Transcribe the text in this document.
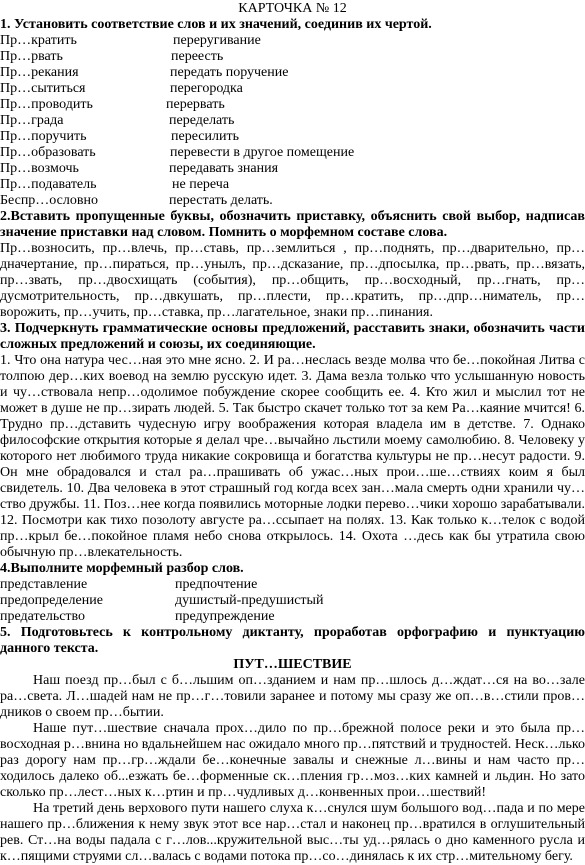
КАРТОЧКА № 12
1. Установить соответствие слов и их значений, соединив их чертой.
Пр…кратить	переругивание
Пр…рвать	переесть
Пр…рекания	передать поручение
Пр…сытиться	перегородка
Пр…проводить	перервать
Пр…града	переделать
Пр…поручить	пересилить
Пр…образовать	перевести в другое помещение
Пр…возмочь	передавать знания
Пр…подаватель	не переча
Беспр…ословно	перестать делать.

2.Вставить пропущенные буквы, обозначить приставку, объяснить свой выбор, надписав значение приставки над словом. Помнить о морфемном составе слова.

Пр…возносить, пр…влечь, пр…ставь, пр…землиться , пр…поднять, пр…дварительно, пр…дначертание, пр…пираться, пр…унылъ, пр…дсказание, пр…дпосылка, пр…рвать, пр…вязать, пр…звать, пр…двосхищать (события), пр…общить, пр…восходный, пр…гнать, пр…дусмотрительность, пр…двкушать, пр…плести, пр…кратить, пр…дпр…ниматель, пр…ворожить, пр…учить, пр…ставка, пр…лагательное, знаки пр…пинания.

3. Подчеркнуть грамматические основы предложений, расставить знаки, обозначить части сложных предложений и союзы, их соединяющие.

1. Что она натура чес…ная это мне ясно. 2. И ра…неслась везде молва что бе…покойная Литва с толпою дер…ких воевод на землю русскую идет. 3. Дама везла только что услышанную новость и чу…ствовала непр…одолимое побуждение скорее сообщить ее. 4. Кто жил и мыслил тот не может в душе не пр…зирать людей. 5. Так быстро скачет только тот за кем Ра…каяние мчится! 6. Трудно пр…дставить чудесную игру воображения которая владела им в детстве. 7. Однако философские открытия которые я делал чре…вычайно льстили моему самолюбию. 8. Человеку у которого нет любимого труда никакие сокровища и богатства культуры не пр…несут радости. 9. Он мне обрадовался и стал ра…прашивать об ужас…ных прои…ше…ствиях коим я был свидетель. 10. Два человека в этот страшный год когда всех зан…мала смерть одни хранили чу…ство дружбы. 11. Поз…нее когда появились моторные лодки перево…чики хорошо зарабатывали. 12. Посмотри как тихо позолоту августе ра…ссыпает на полях. 13. Как только к…телок с водой пр…крыл бе…покойное пламя небо снова открылось. 14. Охота …десь как бы утратила свою обычную пр…влекательность.

4.Выполните морфемный разбор слов.
представление	предпочтение
предопределение	душистый-предушистый
предательство	предупреждение

5. Подготовьтесь к контрольному диктанту, проработав орфографию и пунктуацию данного текста.

ПУТ…ШЕСТВИЕ

Наш поезд пр…был с б…льшим оп…зданием и нам пр…шлось д…ждат…ся на во…зале ра…света. Л…шадей нам не пр…г…товили заранее и потому мы сразу же оп…в…стили пров…дников о своем пр…бытии.

Наше пут…шествие сначала прох…дило по пр…брежной полосе реки и это была пр…восходная р…внина но вдальнейшем нас ожидало много пр…пятствий и трудностей. Неск…лько раз дорогу нам пр…гр…ждали бе…конечные завалы и снежные л…вины и нам часто пр…ходилось далеко об...езжать бе…форменные ск…пления гр…моз…ких камней и льдин. Но зато сколько пр…лест…ных к…ртин и пр…чудливых д…конвенных прои…шествий!

На третий день верхового пути нашего слуха к…снулся шум большого вод…пада и по мере нашего пр…ближения к нему звук этот все нар…стал и наконец пр…вратился в оглушительный рев. Ст…на воды падала с г…лов...кружительной выс…ты уд…рялась о дно каменного русла и к…пящими струями сл…валась с водами потока пр…со…динялась к их стр…мительному бегу.
